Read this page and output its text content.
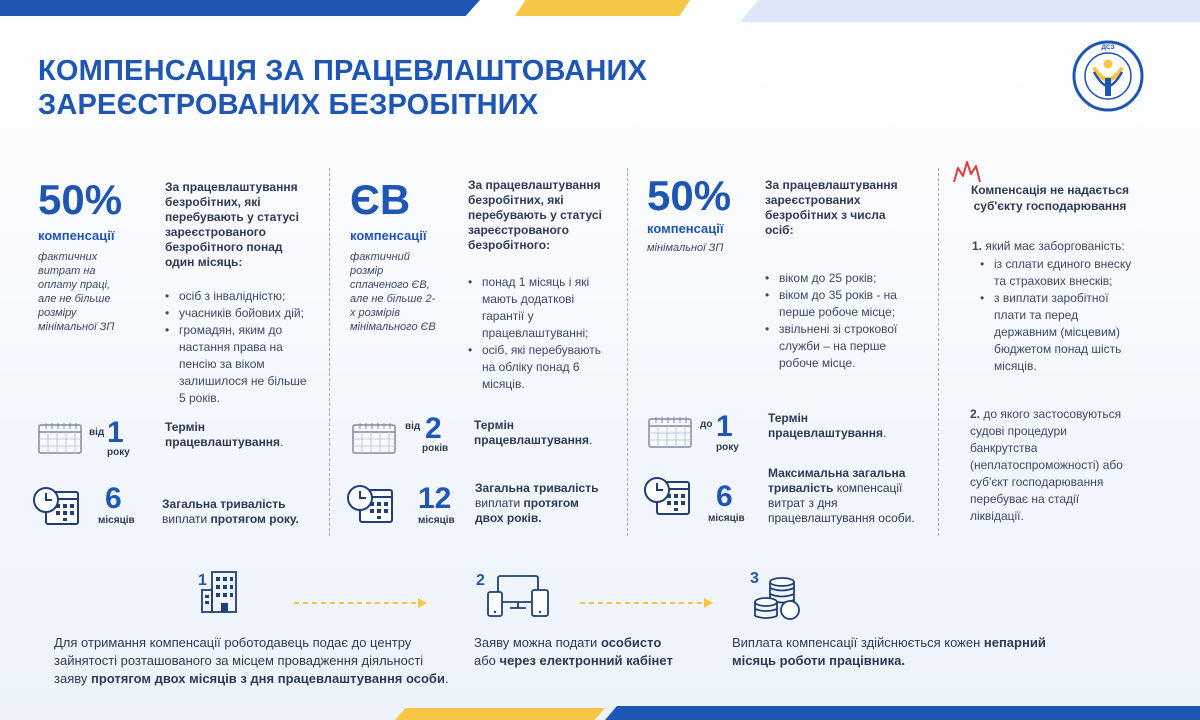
КОМПЕНСАЦІЯ ЗА ПРАЦЕВЛАШТОВАНИХ
ЗАРЕЄСТРОВАНИХ БЕЗРОБІТНИХ
ДСЗ
50%
компенсації
фактичних
витрат на
оплату праці,
але не більше
розміру
мінімальної ЗП
За працевлаштування
безробітних, які
перебувають у статусі
зареєстрованого
безробітного понад
один місяць:
• осіб з інвалідністю;
• учасників бойових дій;
• громадян, яким до
настання права на
пенсію за віком
залишилося не більше
5 років.
від 1
року
Термін
працевлаштування.
6
місяців
Загальна тривалість
виплати протягом року.
ЄВ
компенсації
фактичний
розмір
сплаченого ЄВ,
але не більше 2-
х розмірів
мінімального ЄВ
За працевлаштування
безробітних, які
перебувають у статусі
зареєстрованого
безробітного:
• понад 1 місяць і які
мають додаткові
гарантії у
працевлаштуванні;
• осіб, які перебувають
на обліку понад 6
місяців.
від 2
років
Термін
працевлаштування.
12
місяців
Загальна тривалість
виплати протягом
двох років.
50%
компенсації
мінімальної ЗП
За працевлаштування
зареєстрованих
безробітних з числа
осіб:
• віком до 25 років;
• віком до 35 років - на
перше робоче місце;
• звільнені зі строкової
служби – на перше
робоче місце.
до 1
року
Термін
працевлаштування.
6
місяців
Максимальна загальна
тривалість компенсації
витрат з дня
працевлаштування особи.
Компенсація не надається
суб'єкту господарювання
1. який має заборгованість:
• із сплати єдиного внеску
та страхових внесків;
• з виплати заробітної
плати та перед
державним (місцевим)
бюджетом понад шість
місяців.
2. до якого застосовуються
судові процедури
банкрутства
(неплатоспроможності) або
суб'єкт господарювання
перебуває на стадії
ліквідації.
1
Для отримання компенсації роботодавець подає до центру
зайнятості розташованого за місцем провадження діяльності
заяву протягом двох місяців з дня працевлаштування особи.
2
Заяву можна подати особисто
або через електронний кабінет
3
Виплата компенсації здійснюється кожен непарний
місяць роботи працівника.
